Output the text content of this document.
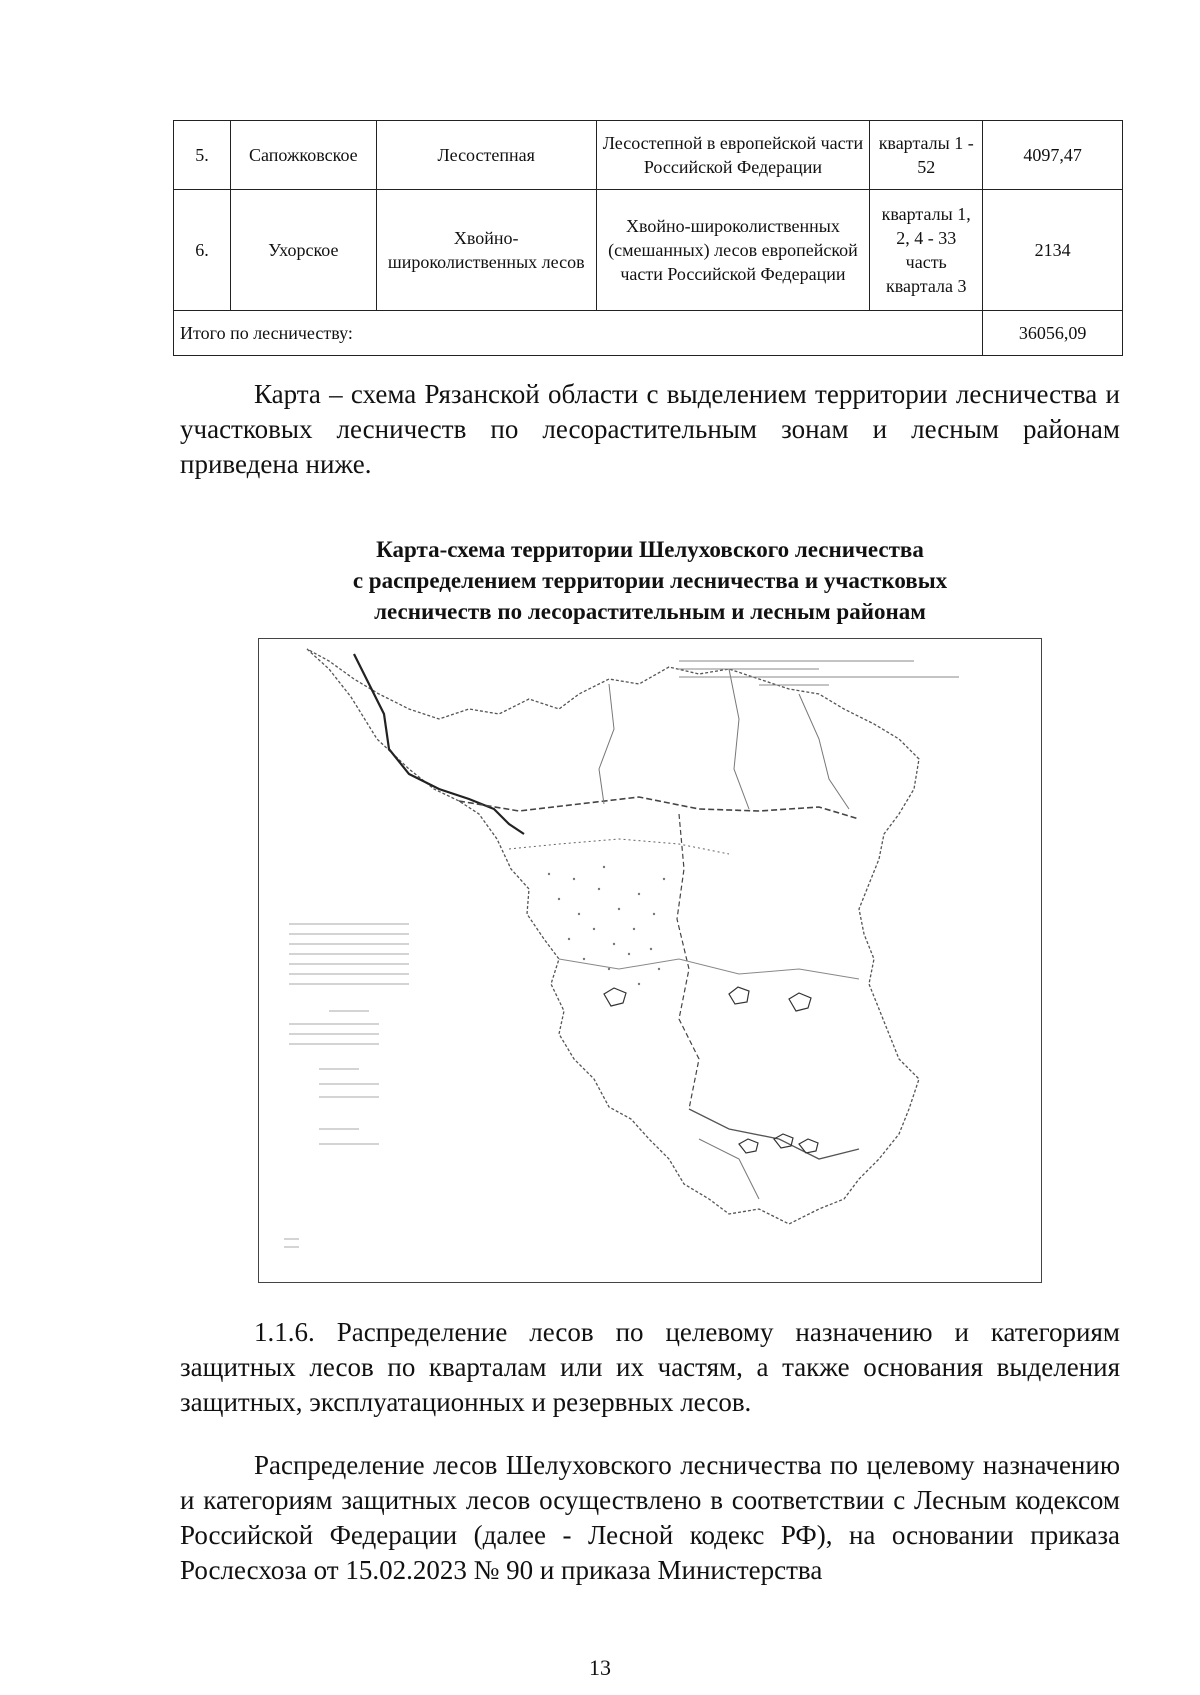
5.	Сапожковское	Лесостепная	Лесостепной в европейской части Российской Федерации	кварталы 1 - 52	4097,47
6.	Ухорское	Хвойно-широколиственных лесов	Хвойно-широколиственных (смешанных) лесов европейской части Российской Федерации	кварталы 1, 2, 4 - 33 часть квартала 3	2134
Итого по лесничеству:					36056,09

Карта – схема Рязанской области с выделением территории лесничества и участковых лесничеств по лесорастительным зонам и лесным районам приведена ниже.

Карта-схема территории Шелуховского лесничества
с распределением территории лесничества и участковых
лесничеств по лесорастительным и лесным районам

1.1.6. Распределение лесов по целевому назначению и категориям защитных лесов по кварталам или их частям, а также основания выделения защитных, эксплуатационных и резервных лесов.

Распределение лесов Шелуховского лесничества по целевому назначению и категориям защитных лесов осуществлено в соответствии с Лесным кодексом Российской Федерации (далее - Лесной кодекс РФ), на основании приказа Рослесхоза от 15.02.2023 № 90 и приказа Министерства

13
